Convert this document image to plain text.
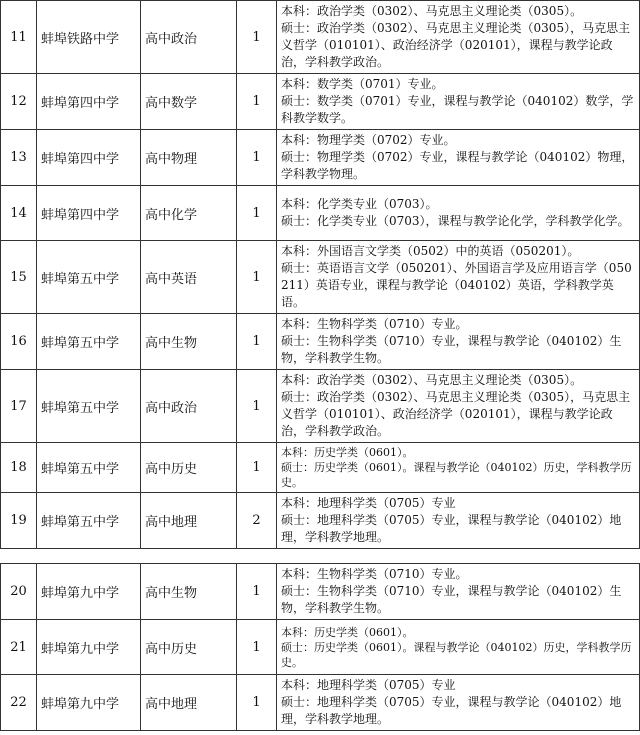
11	蚌埠铁路中学	高中政治	1	本科：政治学类（0302）、马克思主义理论类（0305）。
硕士：政治学类（0302）、马克思主义理论类（0305），马克思主义哲学（010101）、政治经济学（020101），课程与教学论政治，学科教学政治。

12	蚌埠第四中学	高中数学	1	本科：数学类（0701）专业。
硕士：数学类（0701）专业，课程与教学论（040102）数学，学科教学数学。

13	蚌埠第四中学	高中物理	1	本科：物理学类（0702）专业。
硕士：物理学类（0702）专业，课程与教学论（040102）物理，学科教学物理。

14	蚌埠第四中学	高中化学	1	本科：化学类专业（0703）。
硕士：化学类专业（0703），课程与教学论化学，学科教学化学。

15	蚌埠第五中学	高中英语	1	本科：外国语言文学类（0502）中的英语（050201）。
硕士：英语语言文学（050201）、外国语言学及应用语言学（050211）英语专业，课程与教学论（040102）英语，学科教学英语。

16	蚌埠第五中学	高中生物	1	本科：生物科学类（0710）专业。
硕士：生物科学类（0710）专业，课程与教学论（040102）生物，学科教学生物。

17	蚌埠第五中学	高中政治	1	本科：政治学类（0302）、马克思主义理论类（0305）。
硕士：政治学类（0302）、马克思主义理论类（0305），马克思主义哲学（010101）、政治经济学（020101），课程与教学论政治，学科教学政治。

18	蚌埠第五中学	高中历史	1	本科：历史学类（0601）。
硕士：历史学类（0601）。课程与教学论（040102）历史，学科教学历史。

19	蚌埠第五中学	高中地理	2	本科：地理科学类（0705）专业
硕士：地理科学类（0705）专业，课程与教学论（040102）地理，学科教学地理。
20	蚌埠第九中学	高中生物	1	本科：生物科学类（0710）专业。
硕士：生物科学类（0710）专业，课程与教学论（040102）生物，学科教学生物。

21	蚌埠第九中学	高中历史	1	本科：历史学类（0601）。
硕士：历史学类（0601）。课程与教学论（040102）历史，学科教学历史。

22	蚌埠第九中学	高中地理	1	本科：地理科学类（0705）专业
硕士：地理科学类（0705）专业，课程与教学论（040102）地理，学科教学地理。
